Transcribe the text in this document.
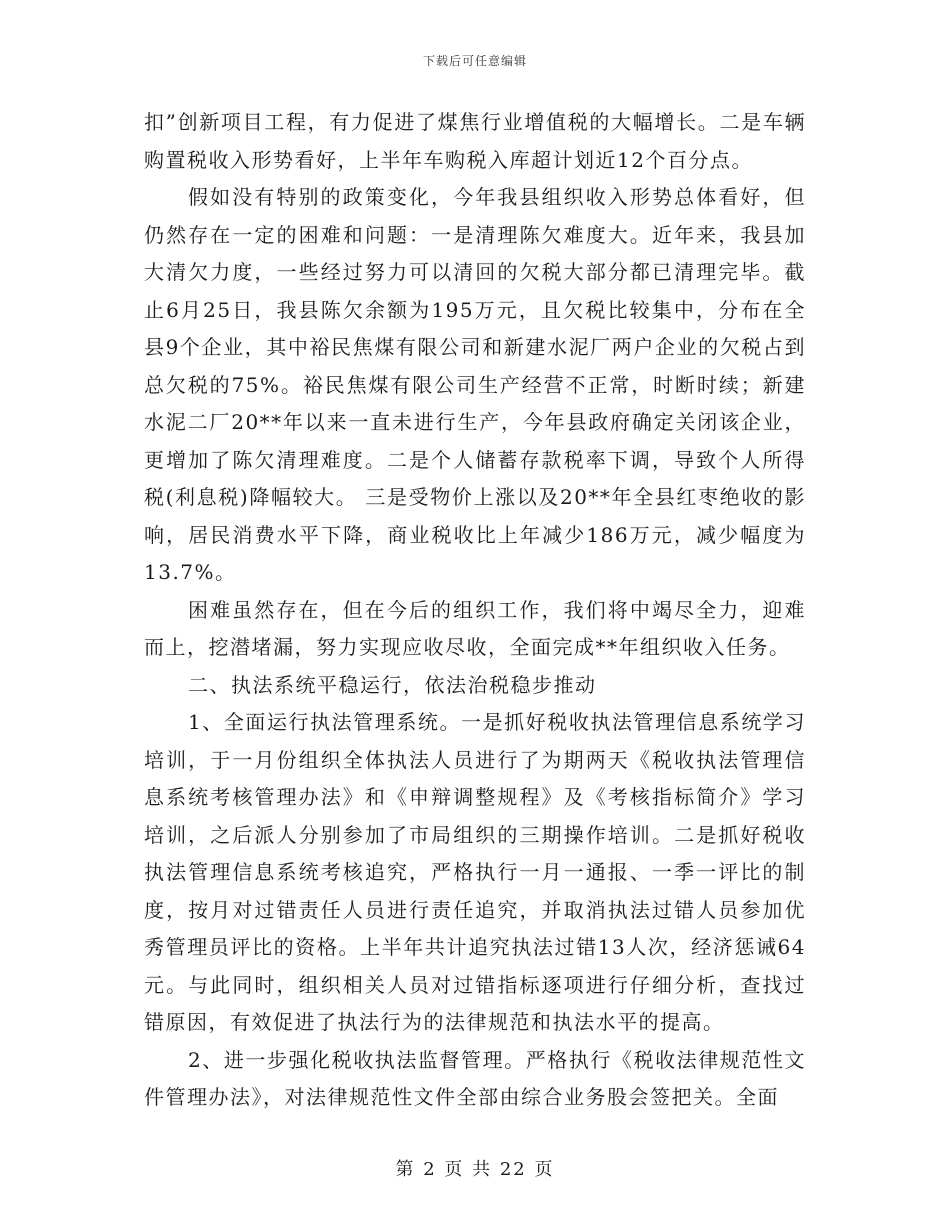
下载后可任意编辑

扣”创新项目工程，有力促进了煤焦行业增值税的大幅增长。二是车辆购置税收入形势看好，上半年车购税入库超计划近12个百分点。

假如没有特别的政策变化，今年我县组织收入形势总体看好，但仍然存在一定的困难和问题：一是清理陈欠难度大。近年来，我县加大清欠力度，一些经过努力可以清回的欠税大部分都已清理完毕。截止6月25日，我县陈欠余额为195万元，且欠税比较集中，分布在全县9个企业，其中裕民焦煤有限公司和新建水泥厂两户企业的欠税占到总欠税的75%。裕民焦煤有限公司生产经营不正常，时断时续；新建水泥二厂20**年以来一直未进行生产，今年县政府确定关闭该企业，更增加了陈欠清理难度。二是个人储蓄存款税率下调，导致个人所得税(利息税)降幅较大。 三是受物价上涨以及20**年全县红枣绝收的影响，居民消费水平下降，商业税收比上年减少186万元，减少幅度为13.7%。

困难虽然存在，但在今后的组织工作，我们将中竭尽全力，迎难而上，挖潜堵漏，努力实现应收尽收，全面完成**年组织收入任务。

二、执法系统平稳运行，依法治税稳步推动

1、全面运行执法管理系统。一是抓好税收执法管理信息系统学习培训，于一月份组织全体执法人员进行了为期两天《税收执法管理信息系统考核管理办法》和《申辩调整规程》及《考核指标简介》学习培训，之后派人分别参加了市局组织的三期操作培训。二是抓好税收执法管理信息系统考核追究，严格执行一月一通报、一季一评比的制度，按月对过错责任人员进行责任追究，并取消执法过错人员参加优秀管理员评比的资格。上半年共计追究执法过错13人次，经济惩诫64元。与此同时，组织相关人员对过错指标逐项进行仔细分析，查找过错原因，有效促进了执法行为的法律规范和执法水平的提高。

2、进一步强化税收执法监督管理。严格执行《税收法律规范性文件管理办法》，对法律规范性文件全部由综合业务股会签把关。全面

第 2 页 共 22 页
